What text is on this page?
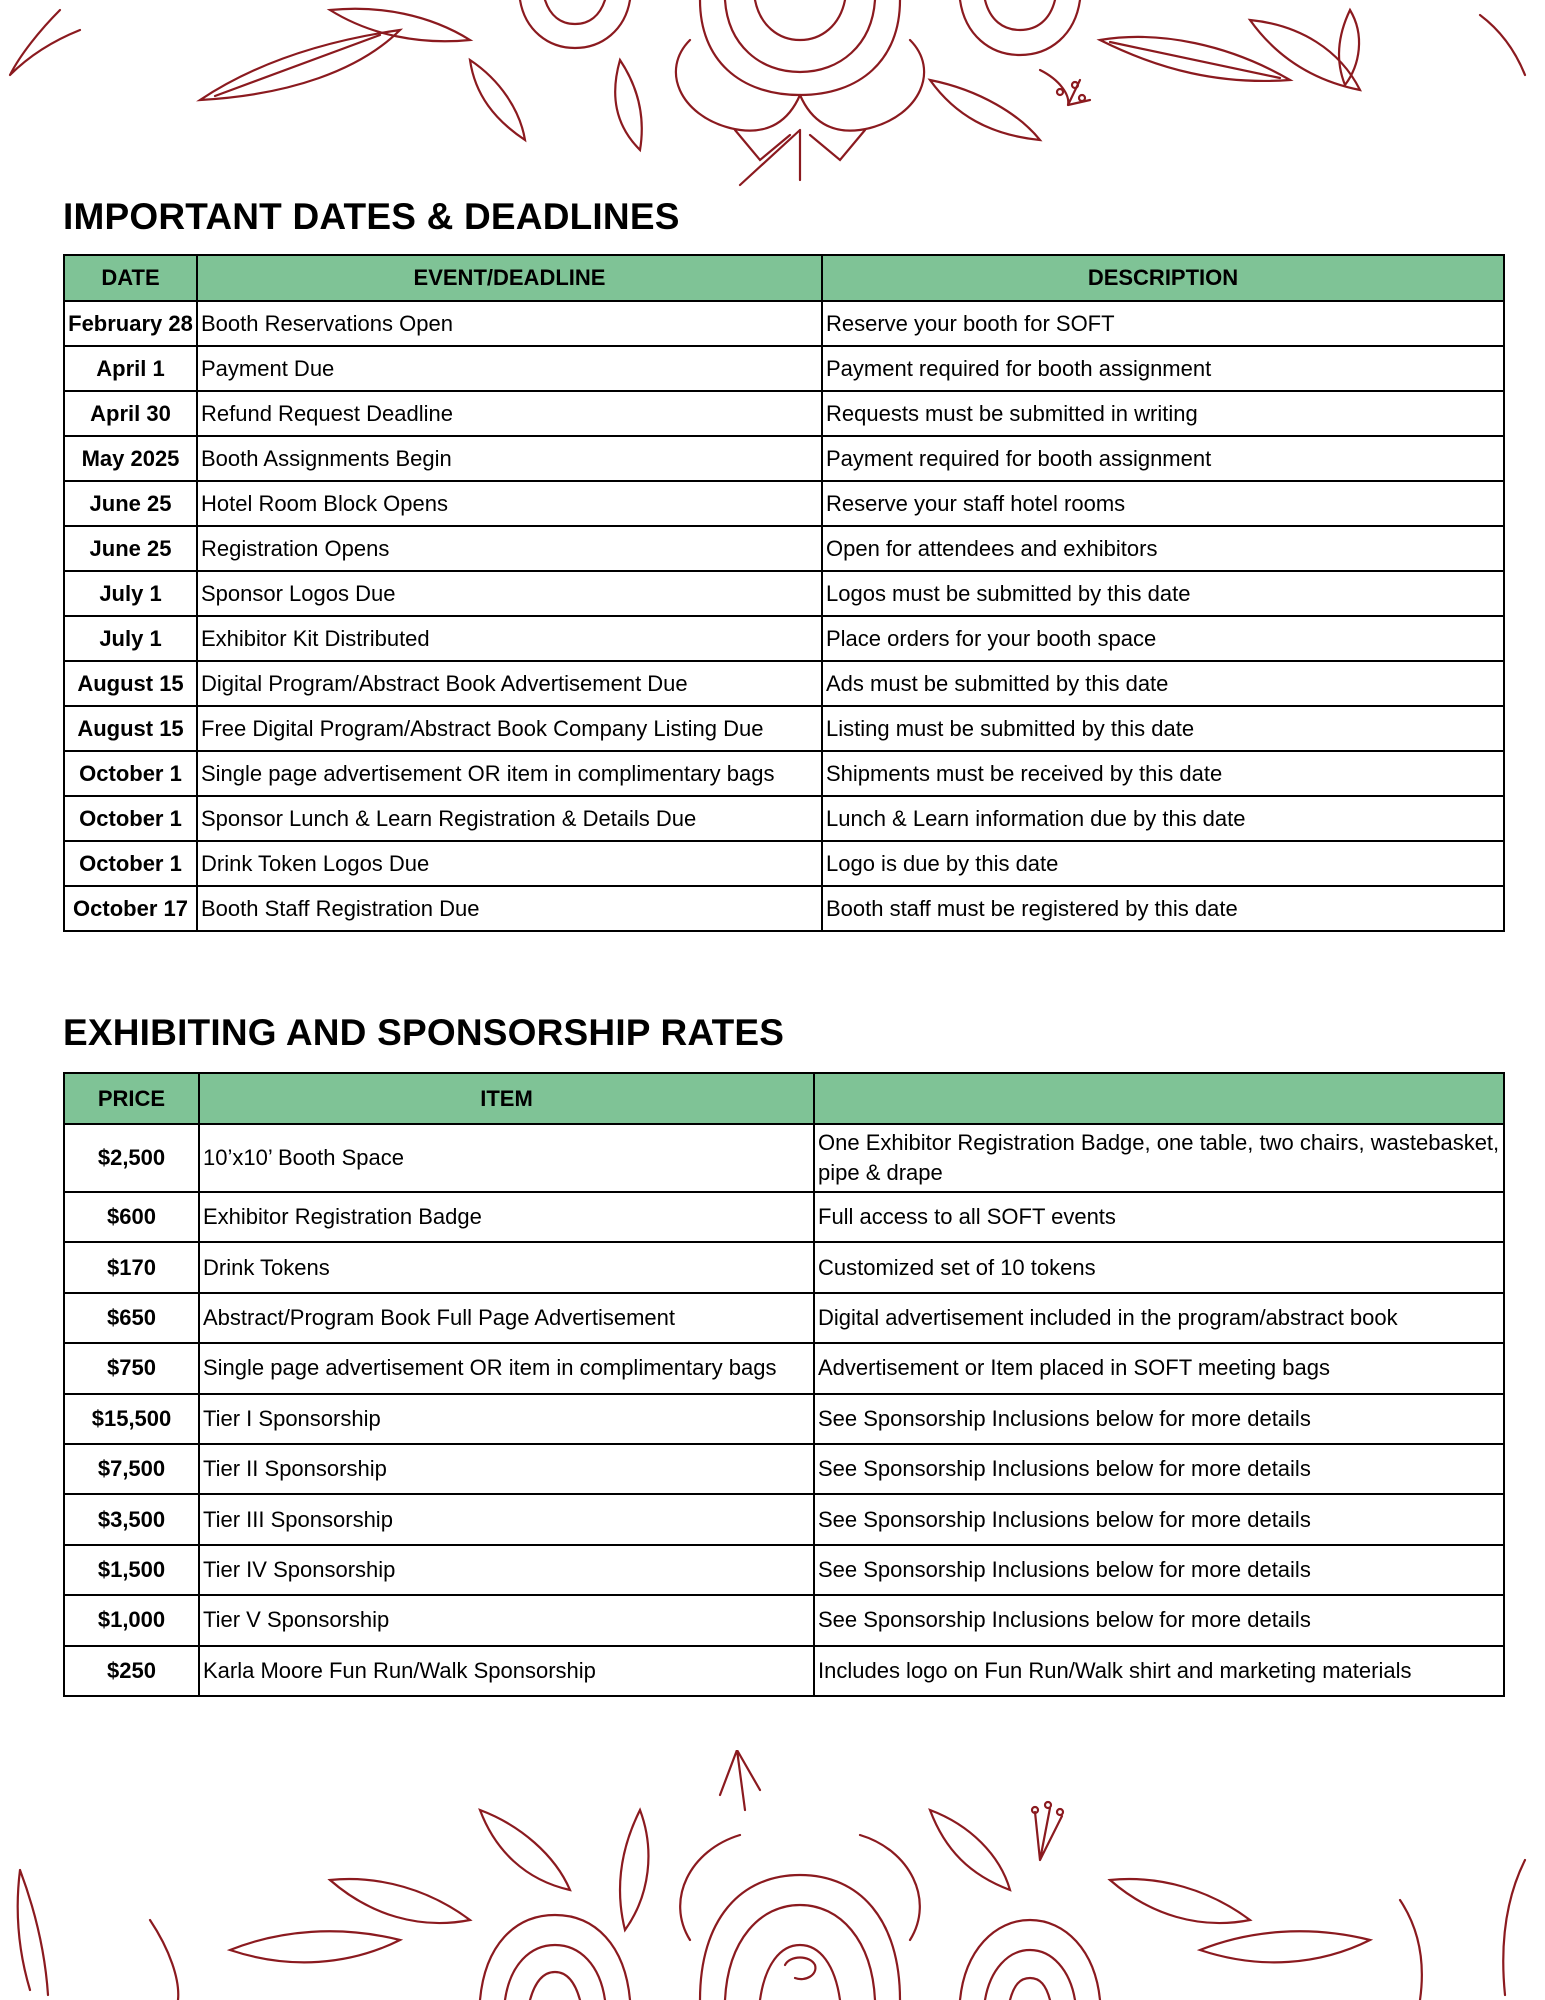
IMPORTANT DATES & DEADLINES
DATE	EVENT/DEADLINE	DESCRIPTION
February 28	Booth Reservations Open	Reserve your booth for SOFT
April 1	Payment Due	Payment required for booth assignment
April 30	Refund Request Deadline	Requests must be submitted in writing
May 2025	Booth Assignments Begin	Payment required for booth assignment
June 25	Hotel Room Block Opens	Reserve your staff hotel rooms
June 25	Registration Opens	Open for attendees and exhibitors
July 1	Sponsor Logos Due	Logos must be submitted by this date
July 1	Exhibitor Kit Distributed	Place orders for your booth space
August 15	Digital Program/Abstract Book Advertisement Due	Ads must be submitted by this date
August 15	Free Digital Program/Abstract Book Company Listing Due	Listing must be submitted by this date
October 1	Single page advertisement OR item in complimentary bags	Shipments must be received by this date
October 1	Sponsor Lunch & Learn Registration & Details Due	Lunch & Learn information due by this date
October 1	Drink Token Logos Due	Logo is due by this date
October 17	Booth Staff Registration Due	Booth staff must be registered by this date
EXHIBITING AND SPONSORSHIP RATES
PRICE	ITEM	
$2,500	10’x10’ Booth Space	One Exhibitor Registration Badge, one table, two chairs, wastebasket, pipe & drape
$600	Exhibitor Registration Badge	Full access to all SOFT events
$170	Drink Tokens	Customized set of 10 tokens
$650	Abstract/Program Book Full Page Advertisement	Digital advertisement included in the program/abstract book
$750	Single page advertisement OR item in complimentary bags	Advertisement or Item placed in SOFT meeting bags
$15,500	Tier I Sponsorship	See Sponsorship Inclusions below for more details
$7,500	Tier II Sponsorship	See Sponsorship Inclusions below for more details
$3,500	Tier III Sponsorship	See Sponsorship Inclusions below for more details
$1,500	Tier IV Sponsorship	See Sponsorship Inclusions below for more details
$1,000	Tier V Sponsorship	See Sponsorship Inclusions below for more details
$250	Karla Moore Fun Run/Walk Sponsorship	Includes logo on Fun Run/Walk shirt and marketing materials
